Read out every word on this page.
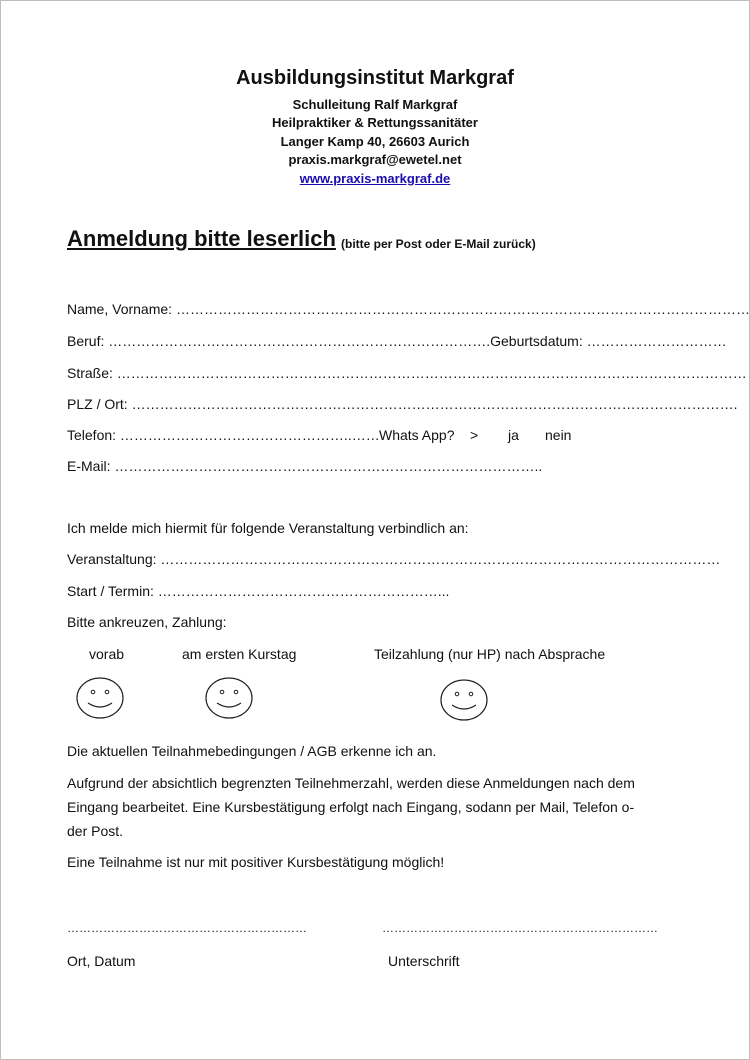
Ausbildungsinstitut Markgraf
Schulleitung Ralf Markgraf
Heilpraktiker & Rettungssanitäter
Langer Kamp 40, 26603 Aurich
praxis.markgraf@ewetel.net
www.praxis-markgraf.de
Anmeldung bitte leserlich (bitte per Post oder E-Mail zurück)
Name, Vorname: ……………………………………………………………………………………………………………
Beruf: ……………………………………………………………………….Geburtsdatum: …………………………
Straße: ………………………………………………………………………………………………………………………
PLZ / Ort: ………………………………………………………………………………………………………………….
Telefon: …………………………………………..…… Whats App? > ja nein
E-Mail: ………………………………………………………………………………..
Ich melde mich hiermit für folgende Veranstaltung verbindlich an:
Veranstaltung: …………………………………………………………………………………………………………
Start / Termin: ……………………………………………………...
Bitte ankreuzen, Zahlung:
vorab	am ersten Kurstag	Teilzahlung (nur HP) nach Absprache
Die aktuellen Teilnahmebedingungen / AGB erkenne ich an.
Aufgrund der absichtlich begrenzten Teilnehmerzahl, werden diese Anmeldungen nach dem
Eingang bearbeitet. Eine Kursbestätigung erfolgt nach Eingang, sodann per Mail, Telefon o-
der Post.
Eine Teilnahme ist nur mit positiver Kursbestätigung möglich!
……………………………………………………	……………………………………………………………
Ort, Datum	Unterschrift
